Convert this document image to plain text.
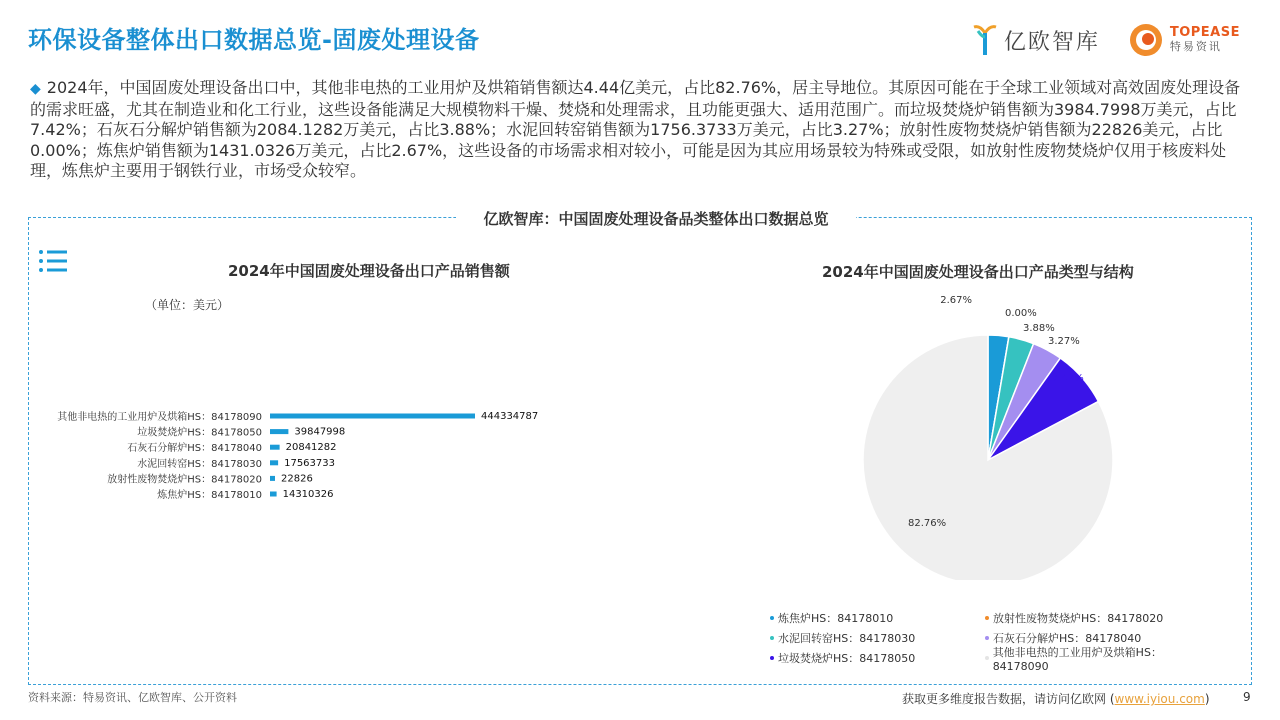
环保设备整体出口数据总览-固废处理设备	亿欧智库	TOPEASE
特易资讯
◆ 2024年，中国固废处理设备出口中，其他非电热的工业用炉及烘箱销售额达4.44亿美元，占比82.76%，居主导地位。其原因可能在于全球工业领域对高效固废处理设备的需求旺盛，尤其在制造业和化工行业，这些设备能满足大规模物料干燥、焚烧和处理需求，且功能更强大、适用范围广。而垃圾焚烧炉销售额为3984.7998万美元，占比7.42%；石灰石分解炉销售额为2084.1282万美元，占比3.88%；水泥回转窑销售额为1756.3733万美元，占比3.27%；放射性废物焚烧炉销售额为22826美元，占比0.00%；炼焦炉销售额为1431.0326万美元，占比2.67%，这些设备的市场需求相对较小，可能是因为其应用场景较为特殊或受限，如放射性废物焚烧炉仅用于核废料处理，炼焦炉主要用于钢铁行业，市场受众较窄。
亿欧智库：中国固废处理设备品类整体出口数据总览
2024年中国固废处理设备出口产品销售额
（单位：美元）
其他非电热的工业用炉及烘箱HS：84178090	444334787
垃圾焚烧炉HS：84178050	39847998
石灰石分解炉HS：84178040 20841282
水泥回转窑HS：84178030 17563733
放射性废物焚烧炉HS：84178020 22826
炼焦炉HS：84178010 14310326
2024年中国固废处理设备出口产品类型与结构
2.67%
0.00%
3.27%
3.88%
7.42%
82.76%
炼焦炉HS：84178010	放射性废物焚烧炉HS：84178020
水泥回转窑HS：84178030	石灰石分解炉HS：84178040
垃圾焚烧炉HS：84178050	其他非电热的工业用炉及烘箱HS：84178090
资料来源：特易资讯、亿欧智库、公开资料	获取更多维度报告数据，请访问亿欧网 (www.iyiou.com)	9
